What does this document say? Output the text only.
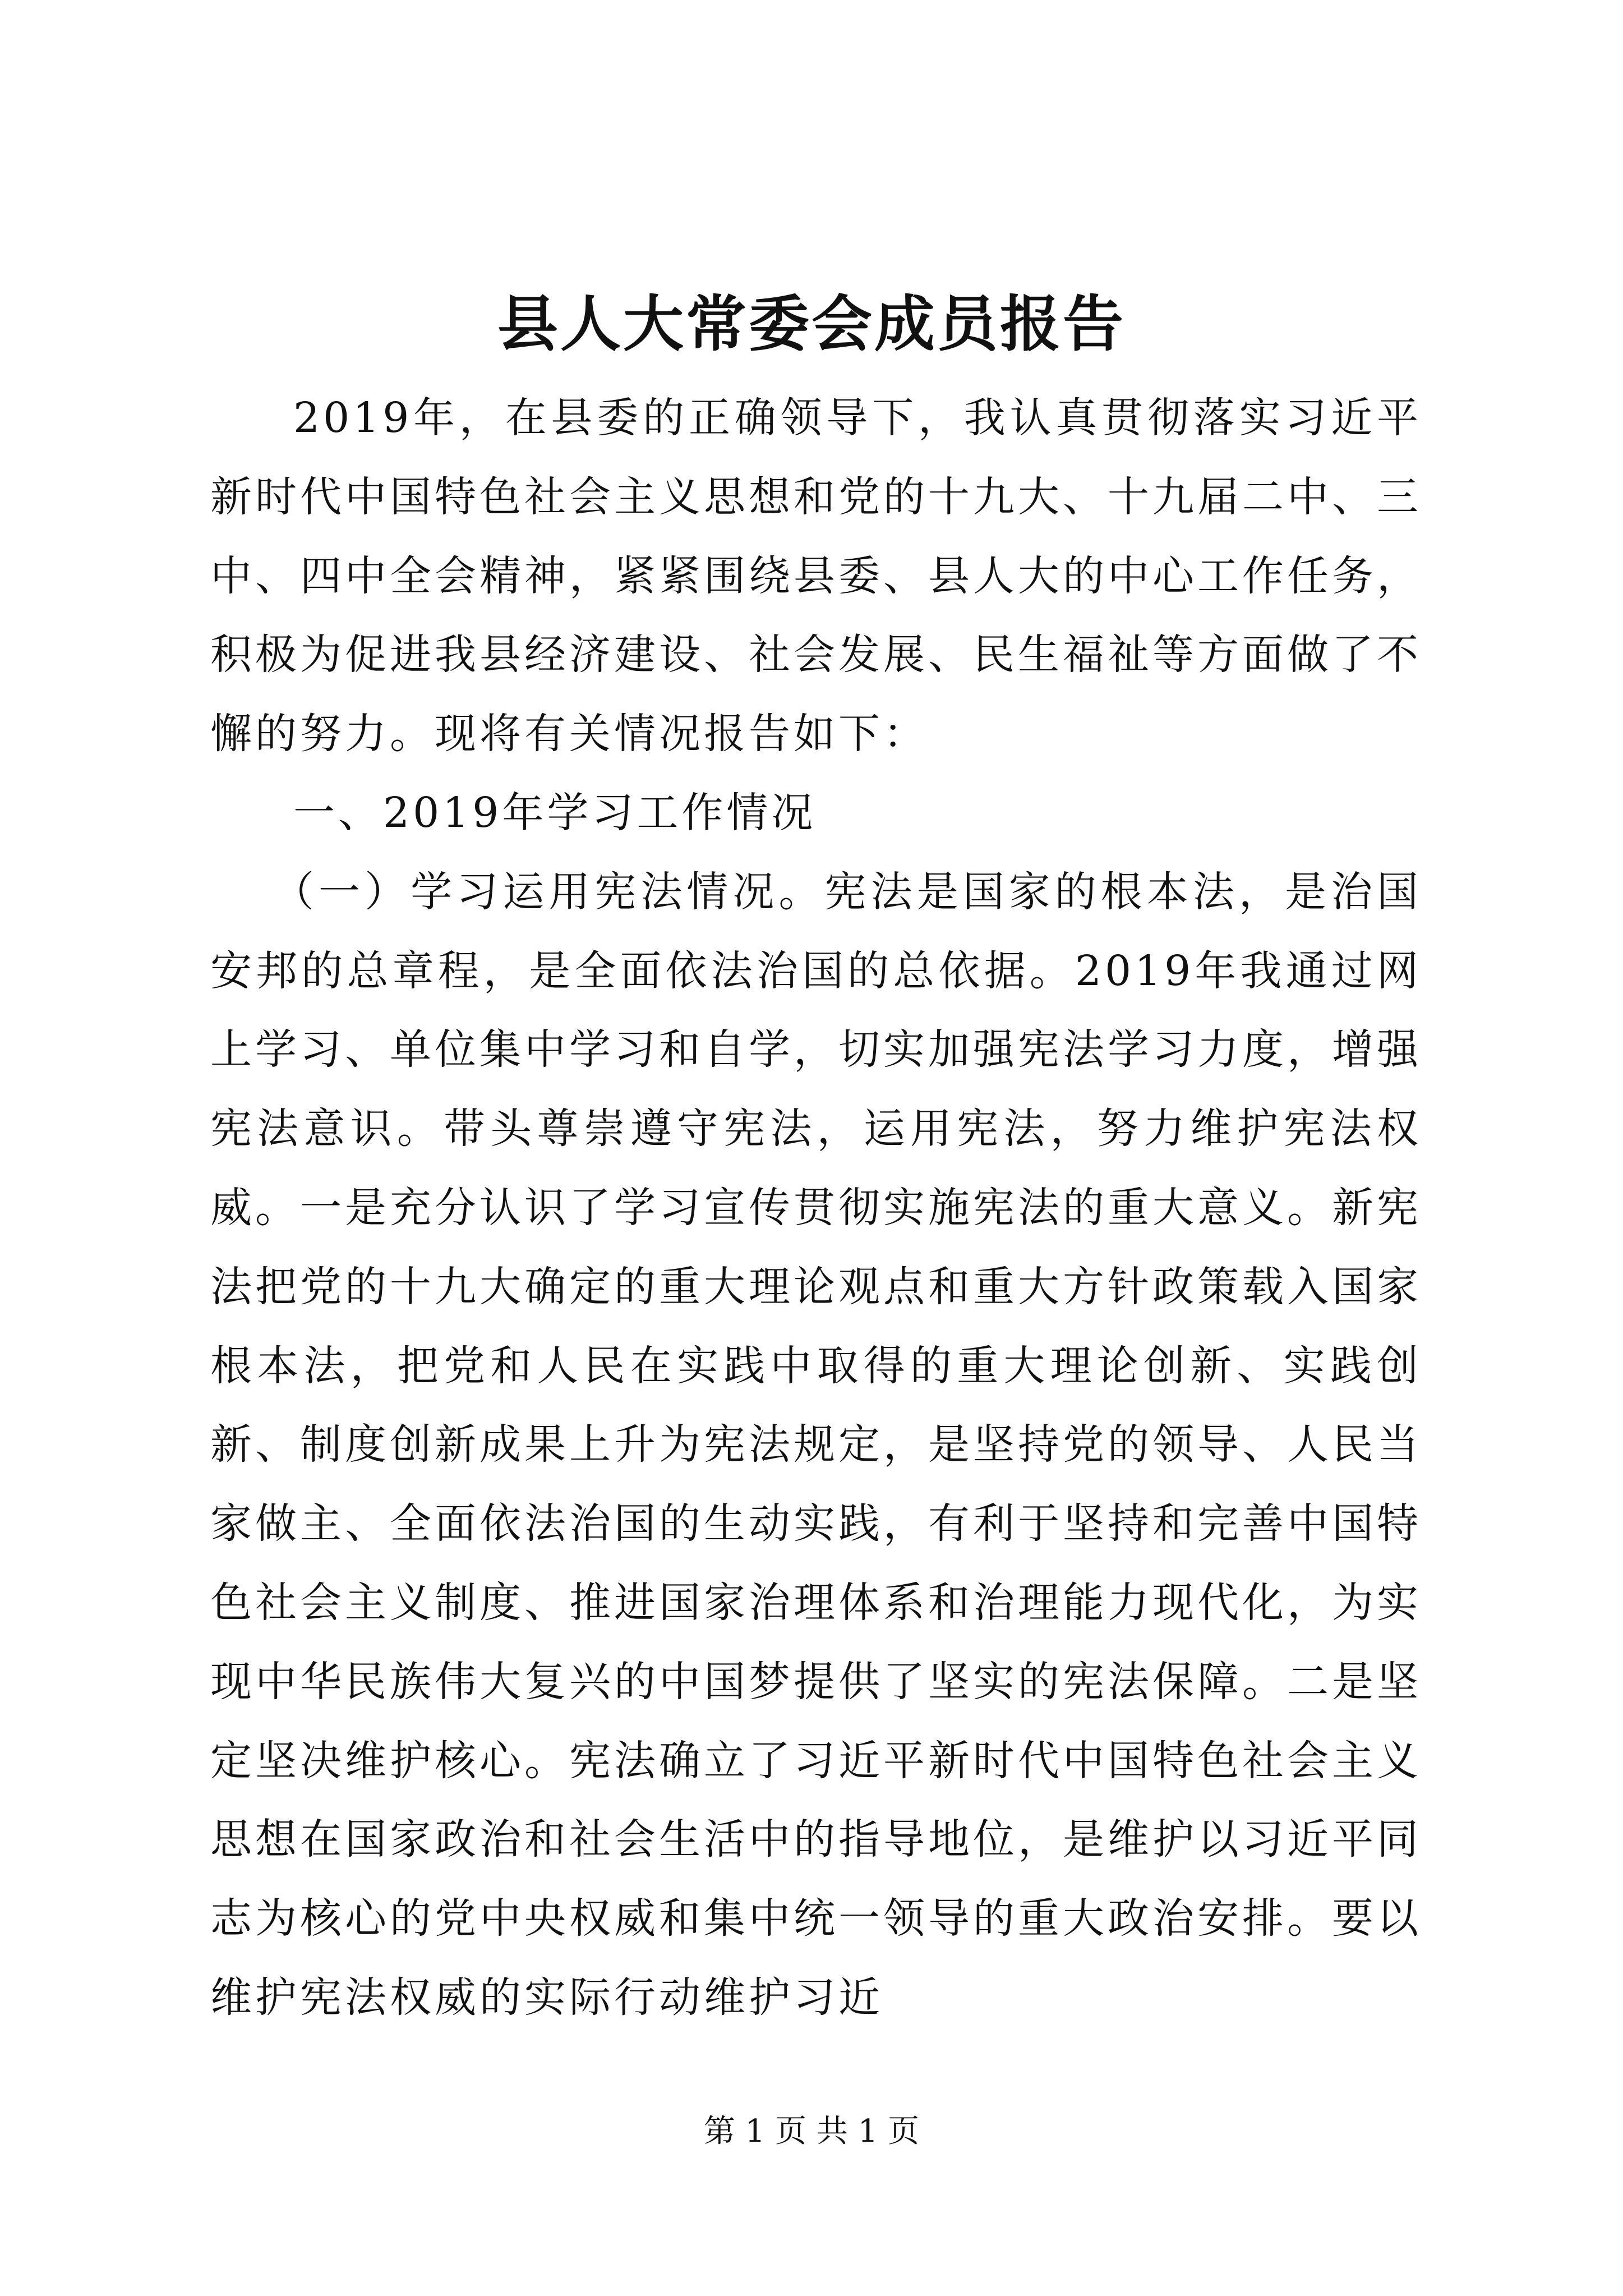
县人大常委会成员报告

2019年，在县委的正确领导下，我认真贯彻落实习近平新时代中国特色社会主义思想和党的十九大、十九届二中、三中、四中全会精神，紧紧围绕县委、县人大的中心工作任务，积极为促进我县经济建设、社会发展、民生福祉等方面做了不懈的努力。现将有关情况报告如下：

一、2019年学习工作情况

（一）学习运用宪法情况。宪法是国家的根本法，是治国安邦的总章程，是全面依法治国的总依据。2019年我通过网上学习、单位集中学习和自学，切实加强宪法学习力度，增强宪法意识。带头尊崇遵守宪法，运用宪法，努力维护宪法权威。一是充分认识了学习宣传贯彻实施宪法的重大意义。新宪法把党的十九大确定的重大理论观点和重大方针政策载入国家根本法，把党和人民在实践中取得的重大理论创新、实践创新、制度创新成果上升为宪法规定，是坚持党的领导、人民当家做主、全面依法治国的生动实践，有利于坚持和完善中国特色社会主义制度、推进国家治理体系和治理能力现代化，为实现中华民族伟大复兴的中国梦提供了坚实的宪法保障。二是坚定坚决维护核心。宪法确立了习近平新时代中国特色社会主义思想在国家政治和社会生活中的指导地位，是维护以习近平同志为核心的党中央权威和集中统一领导的重大政治安排。要以维护宪法权威的实际行动维护习近

第 1 页 共 1 页
